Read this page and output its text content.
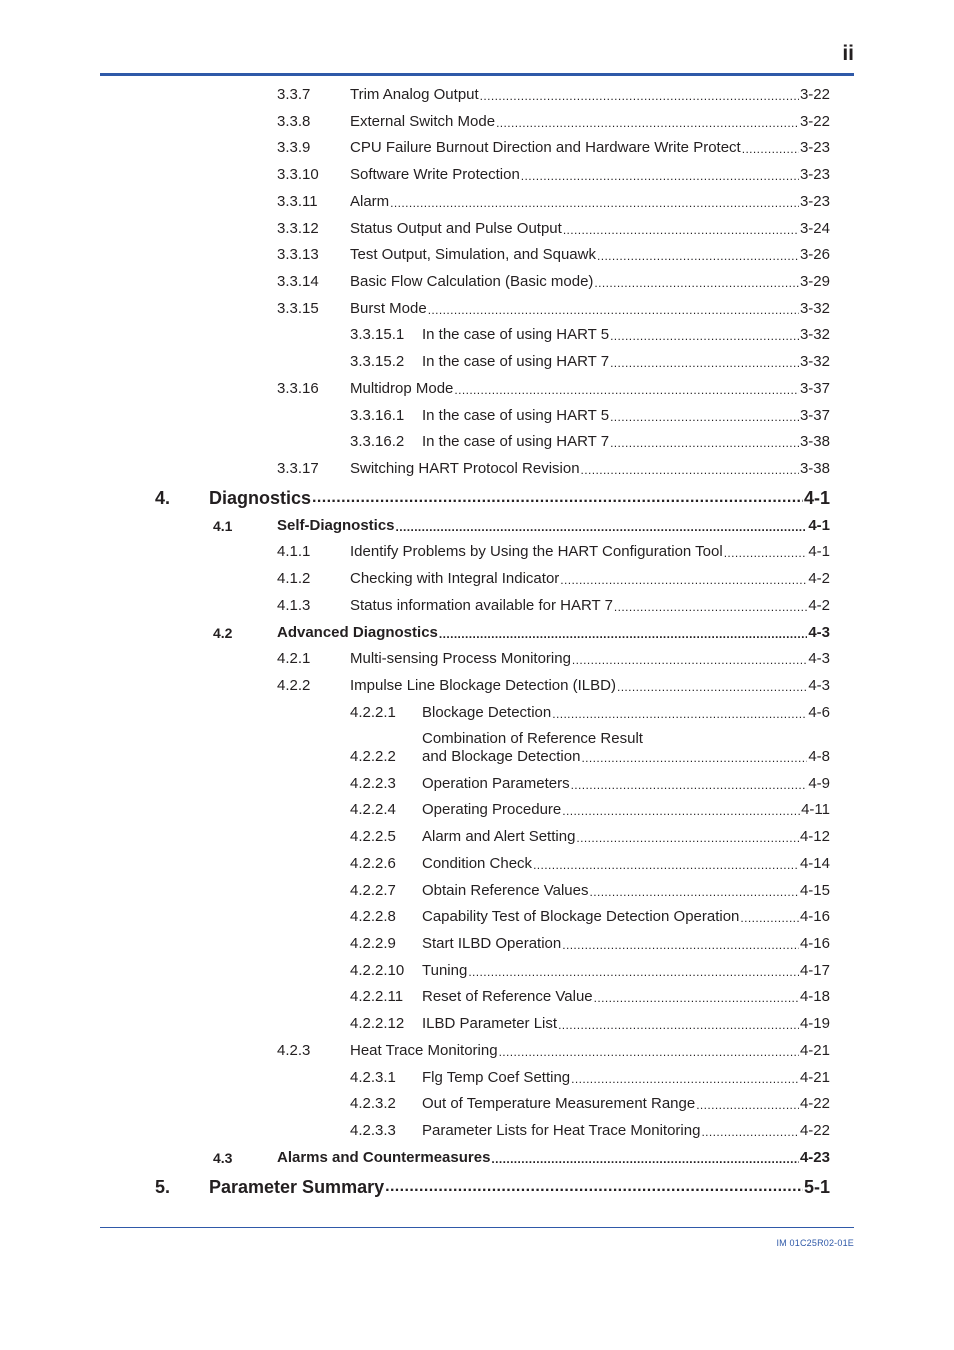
ii
3.3.7	Trim Analog Output .....	3-22
3.3.8	External Switch Mode .....	3-22
3.3.9	CPU Failure Burnout Direction and Hardware Write Protect .....	3-23
3.3.10 Software Write Protection .....	3-23
3.3.11 Alarm .....	3-23
3.3.12 Status Output and Pulse Output .....	3-24
3.3.13 Test Output, Simulation, and Squawk .....	3-26
3.3.14 Basic Flow Calculation (Basic mode) .....	3-29
3.3.15 Burst Mode .....	3-32
3.3.15.1 In the case of using HART 5 .....	3-32
3.3.15.2 In the case of using HART 7 .....	3-32
3.3.16 Multidrop Mode .....	3-37
3.3.16.1 In the case of using HART 5 .....	3-37
3.3.16.2 In the case of using HART 7 .....	3-38
3.3.17 Switching HART Protocol Revision .....	3-38
4. Diagnostics .....	4-1
4.1	Self-Diagnostics .....	4-1
4.1.1	Identify Problems by Using the HART Configuration Tool .....	4-1
4.1.2	Checking with Integral Indicator .....	4-2
4.1.3	Status information available for HART 7 .....	4-2
4.2	Advanced Diagnostics .....	4-3
4.2.1	Multi-sensing Process Monitoring .....	4-3
4.2.2	Impulse Line Blockage Detection (ILBD) .....	4-3
4.2.2.1 Blockage Detection .....	4-6
4.2.2.2
Combination of Reference Result
and Blockage Detection .....	4-8
4.2.2.3 Operation Parameters .....	4-9
4.2.2.4 Operating Procedure .....	4-11
4.2.2.5 Alarm and Alert Setting .....	4-12
4.2.2.6 Condition Check .....	4-14
4.2.2.7 Obtain Reference Values .....	4-15
4.2.2.8 Capability Test of Blockage Detection Operation .....	4-16
4.2.2.9 Start ILBD Operation .....	4-16
4.2.2.10 Tuning .....	4-17
4.2.2.11 Reset of Reference Value .....	4-18
4.2.2.12 ILBD Parameter List .....	4-19
4.2.3	Heat Trace Monitoring .....	4-21
4.2.3.1 Flg Temp Coef Setting .....	4-21
4.2.3.2 Out of Temperature Measurement Range .....	4-22
4.2.3.3 Parameter Lists for Heat Trace Monitoring .....	4-22
4.3	Alarms and Countermeasures .....	4-23
5. Parameter Summary .....	5-1
IM 01C25R02-01E
